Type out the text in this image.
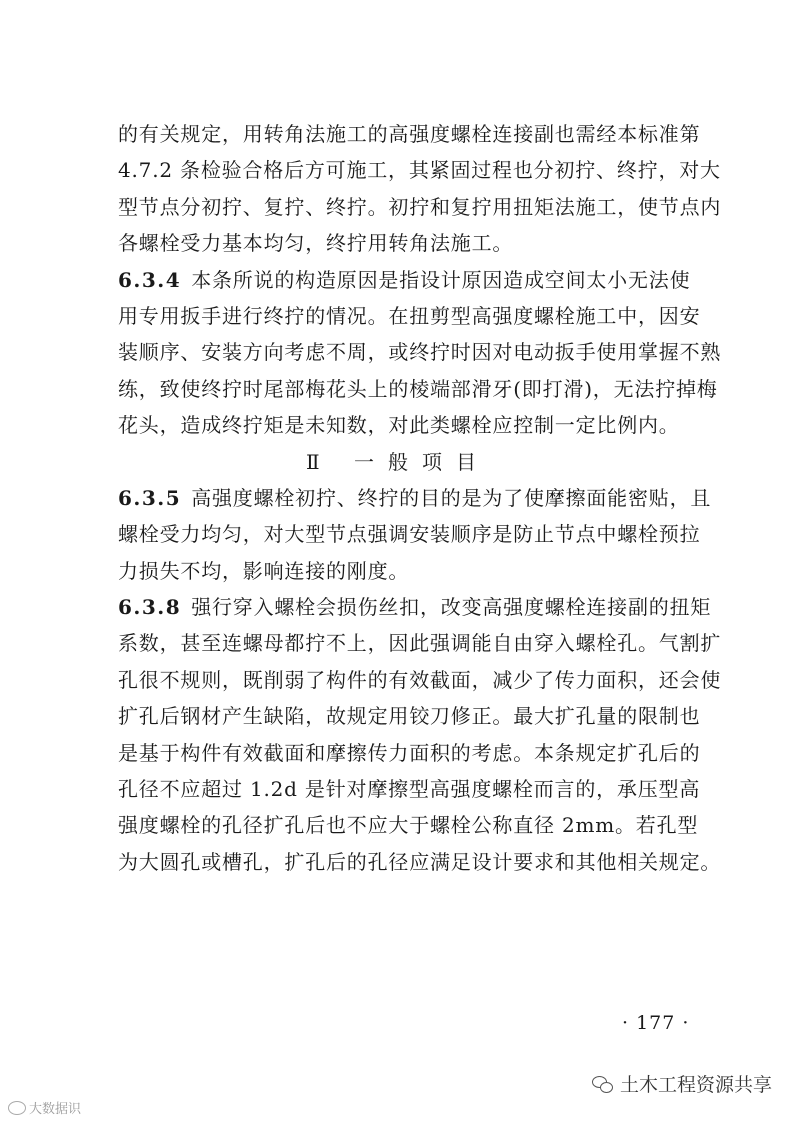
的有关规定，用转角法施工的高强度螺栓连接副也需经本标准第
4.7.2 条检验合格后方可施工，其紧固过程也分初拧、终拧，对大
型节点分初拧、复拧、终拧。初拧和复拧用扭矩法施工，使节点内
各螺栓受力基本均匀，终拧用转角法施工。
6.3.4 本条所说的构造原因是指设计原因造成空间太小无法使
用专用扳手进行终拧的情况。在扭剪型高强度螺栓施工中，因安
装顺序、安装方向考虑不周，或终拧时因对电动扳手使用掌握不熟
练，致使终拧时尾部梅花头上的棱端部滑牙(即打滑)，无法拧掉梅
花头，造成终拧矩是未知数，对此类螺栓应控制一定比例内。
Ⅱ 一般项目
6.3.5 高强度螺栓初拧、终拧的目的是为了使摩擦面能密贴，且
螺栓受力均匀，对大型节点强调安装顺序是防止节点中螺栓预拉
力损失不均，影响连接的刚度。
6.3.8 强行穿入螺栓会损伤丝扣，改变高强度螺栓连接副的扭矩
系数，甚至连螺母都拧不上，因此强调能自由穿入螺栓孔。气割扩
孔很不规则，既削弱了构件的有效截面，减少了传力面积，还会使
扩孔后钢材产生缺陷，故规定用铰刀修正。最大扩孔量的限制也
是基于构件有效截面和摩擦传力面积的考虑。本条规定扩孔后的
孔径不应超过 1.2d 是针对摩擦型高强度螺栓而言的，承压型高
强度螺栓的孔径扩孔后也不应大于螺栓公称直径 2mm。若孔型
为大圆孔或槽孔，扩孔后的孔径应满足设计要求和其他相关规定。
· 177 ·
土木工程资源共享
大数据识
